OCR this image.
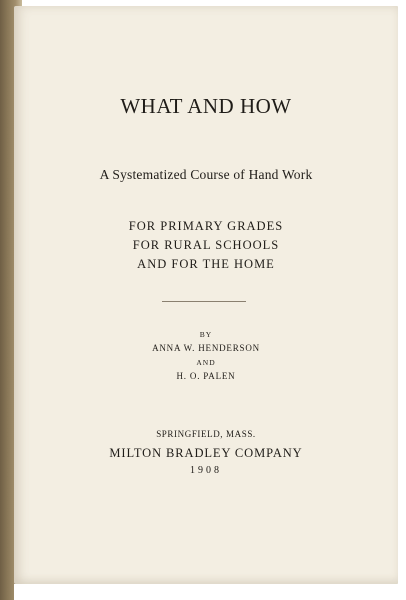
WHAT AND HOW

A Systematized Course of Hand Work

FOR PRIMARY GRADES

FOR RURAL SCHOOLS

AND FOR THE HOME

BY

ANNA W. HENDERSON

AND

H. O. PALEN

SPRINGFIELD, MASS.

MILTON BRADLEY COMPANY

1908
